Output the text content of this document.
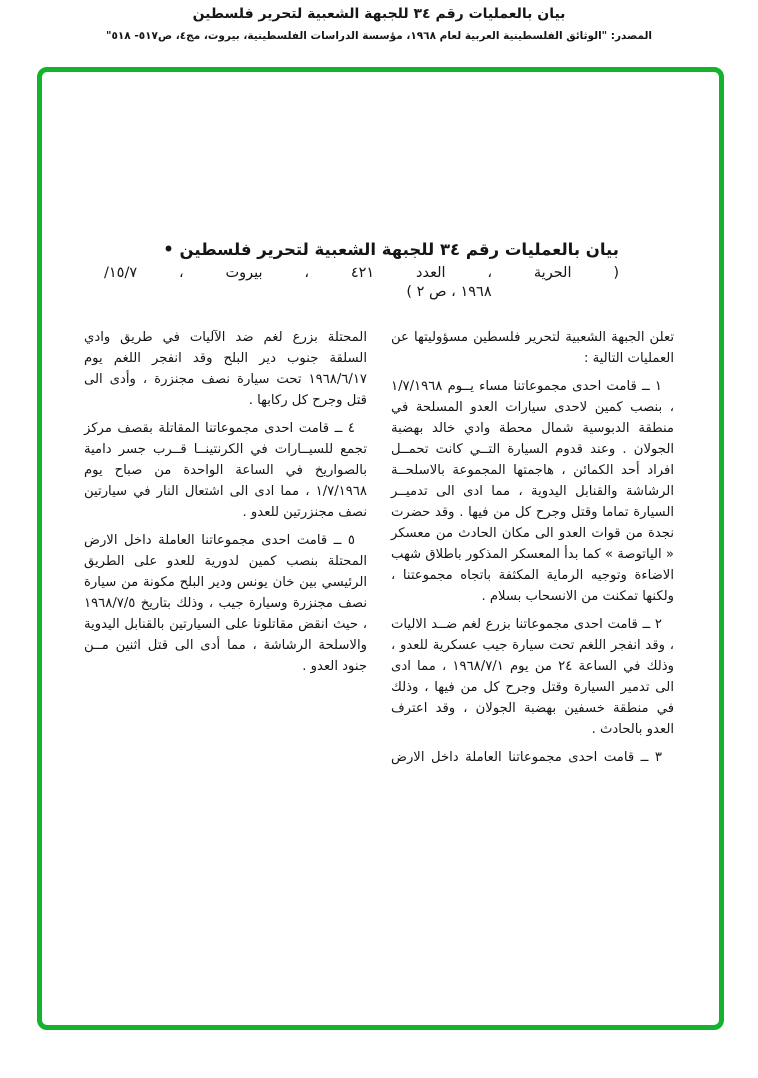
بيان بالعمليات رقم ٣٤ للجبهة الشعبية لتحرير فلسطين
المصدر: "الوثائق الفلسطينية العربية لعام ١٩٦٨، مؤسسة الدراسات الفلسطينية، بيروت، مج٤، ص٥١٧- ٥١٨"
بيان بالعمليات رقم ٣٤ للجبهة الشعبية لتحرير فلسطين •
( الحرية ، العدد ٤٢١ ، بيروت ، ١٥/٧/
١٩٦٨ ، ص ٢ )

تعلن الجبهة الشعبية لتحرير فلسطين مسؤوليتها عن العمليات التالية :

١ ــ قامت احدى مجموعاتنا مساء يــوم ١/٧/١٩٦٨ ، بنصب كمين لاحدى سيارات العدو المسلحة في منطقة الدبوسية شمال محطة وادي خالد بهضبة الجولان . وعند قدوم السيارة التــي كانت تحمــل افراد أحد الكمائن ، هاجمتها المجموعة بالاسلحــة الرشاشة والقنابل اليدوية ، مما ادى الى تدميــر السيارة تماما وقتل وجرح كل من فيها . وقد حضرت نجدة من قوات العدو الى مكان الحادث من معسكر « الياتوصة » كما بدأ المعسكر المذكور باطلاق شهب الاضاءة وتوجيه الرماية المكثفة باتجاه مجموعتنا ، ولكنها تمكنت من الانسحاب بسلام .

٢ ــ قامت احدى مجموعاتنا بزرع لغم ضــد الاليات ، وقد انفجر اللغم تحت سيارة جيب عسكرية للعدو ، وذلك في الساعة ٢٤ من يوم ١٩٦٨/٧/١ ، مما ادى الى تدمير السيارة وقتل وجرح كل من فيها ، وذلك في منطقة خسفين بهضبة الجولان ، وقد اعترف العدو بالحادث .

٣ ــ قامت احدى مجموعاتنا العاملة داخل الارض

المحتلة بزرع لغم ضد الآليات في طريق وادي السلقة جنوب دير البلح وقد انفجر اللغم يوم ١٩٦٨/٦/١٧ تحت سيارة نصف مجنزرة ، وأدى الى قتل وجرح كل ركابها .

٤ ــ قامت احدى مجموعاتنا المقاتلة بقصف مركز تجمع للسيــارات في الكرنتينــا قــرب جسر دامية بالصواريخ في الساعة الواحدة من صباح يوم ١/٧/١٩٦٨ ، مما ادى الى اشتعال النار في سيارتين نصف مجنزرتين للعدو .

٥ ــ قامت احدى مجموعاتنا العاملة داخل الارض المحتلة بنصب كمين لدورية للعدو على الطريق الرئيسي بين خان يونس ودير البلح مكونة من سيارة نصف مجنزرة وسيارة جيب ، وذلك بتاريخ ١٩٦٨/٧/٥ ، حيث انقض مقاتلونا على السيارتين بالقنابل اليدوية والاسلحة الرشاشة ، مما أدى الى قتل اثنين مــن جنود العدو .
